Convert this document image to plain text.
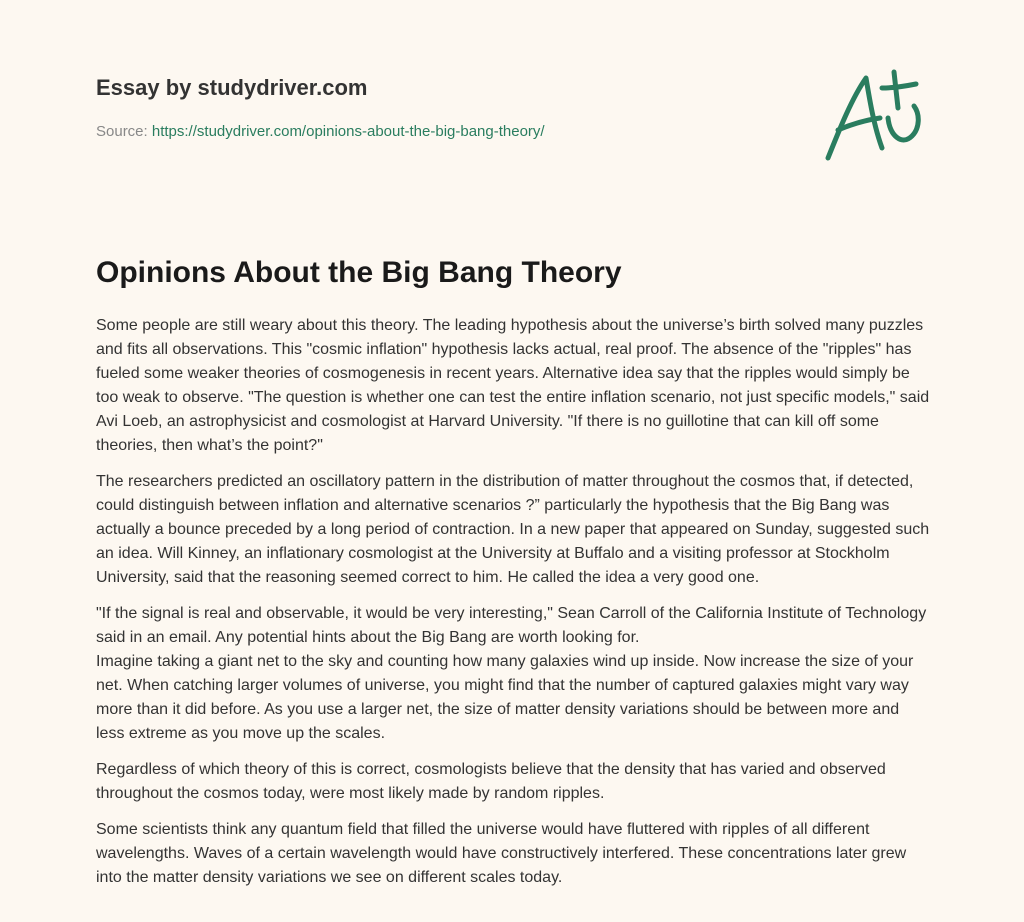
Essay by studydriver.com
Source: https://studydriver.com/opinions-about-the-big-bang-theory/
Opinions About the Big Bang Theory

Some people are still weary about this theory. The leading hypothesis about the universe’s birth solved many puzzles and fits all observations. This "cosmic inflation" hypothesis lacks actual, real proof. The absence of the "ripples" has fueled some weaker theories of cosmogenesis in recent years. Alternative idea say that the ripples would simply be too weak to observe. "The question is whether one can test the entire inflation scenario, not just specific models," said Avi Loeb, an astrophysicist and cosmologist at Harvard University. "If there is no guillotine that can kill off some theories, then what’s the point?"

The researchers predicted an oscillatory pattern in the distribution of matter throughout the cosmos that, if detected, could distinguish between inflation and alternative scenarios ?” particularly the hypothesis that the Big Bang was actually a bounce preceded by a long period of contraction. In a new paper that appeared on Sunday, suggested such an idea. Will Kinney, an inflationary cosmologist at the University at Buffalo and a visiting professor at Stockholm University, said that the reasoning seemed correct to him. He called the idea a very good one.

"If the signal is real and observable, it would be very interesting," Sean Carroll of the California Institute of Technology said in an email. Any potential hints about the Big Bang are worth looking for.
Imagine taking a giant net to the sky and counting how many galaxies wind up inside. Now increase the size of your net. When catching larger volumes of universe, you might find that the number of captured galaxies might vary way more than it did before. As you use a larger net, the size of matter density variations should be between more and less extreme as you move up the scales.

Regardless of which theory of this is correct, cosmologists believe that the density that has varied and observed throughout the cosmos today, were most likely made by random ripples.

Some scientists think any quantum field that filled the universe would have fluttered with ripples of all different wavelengths. Waves of a certain wavelength would have constructively interfered. These concentrations later grew into the matter density variations we see on different scales today.
